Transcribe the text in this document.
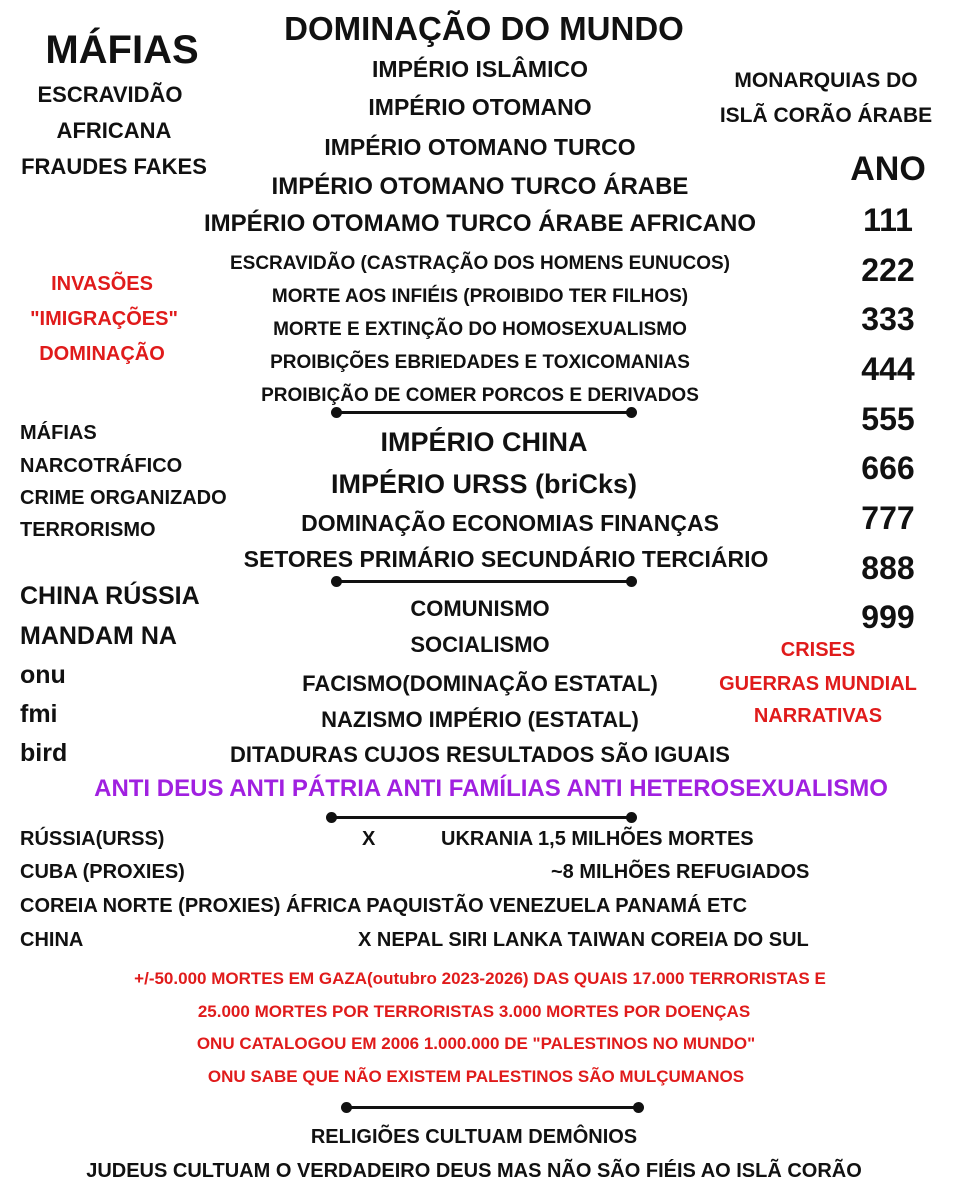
DOMINAÇÃO DO MUNDO
MÁFIAS
ESCRAVIDÃO
AFRICANA
FRAUDES FAKES
INVASÕES
"IMIGRAÇÕES"
DOMINAÇÃO
MÁFIAS
NARCOTRÁFICO
CRIME ORGANIZADO
TERRORISMO
CHINA RÚSSIA
MANDAM NA
onu
fmi
bird
MONARQUIAS DO
ISLÃ CORÃO ÁRABE
ANO
111
222
333
444
555
666
777
888
999
CRISES
GUERRAS MUNDIAL
NARRATIVAS
IMPÉRIO ISLÂMICO
IMPÉRIO OTOMANO
IMPÉRIO OTOMANO TURCO
IMPÉRIO OTOMANO TURCO ÁRABE
IMPÉRIO OTOMAMO TURCO ÁRABE AFRICANO
ESCRAVIDÃO (CASTRAÇÃO DOS HOMENS EUNUCOS)
MORTE AOS INFIÉIS (PROIBIDO TER FILHOS)
MORTE E EXTINÇÃO DO HOMOSEXUALISMO
PROIBIÇÕES EBRIEDADES E TOXICOMANIAS
PROIBIÇÃO DE COMER PORCOS E DERIVADOS
IMPÉRIO CHINA
IMPÉRIO URSS (briCks)
DOMINAÇÃO ECONOMIAS FINANÇAS
SETORES PRIMÁRIO SECUNDÁRIO TERCIÁRIO
COMUNISMO
SOCIALISMO
FACISMO(DOMINAÇÃO ESTATAL)
NAZISMO IMPÉRIO (ESTATAL)
DITADURAS CUJOS RESULTADOS SÃO IGUAIS
ANTI DEUS ANTI PÁTRIA ANTI FAMÍLIAS ANTI HETEROSEXUALISMO
RÚSSIA(URSS)	X	UKRANIA 1,5 MILHÕES MORTES
CUBA (PROXIES)	~8 MILHÕES REFUGIADOS
COREIA NORTE (PROXIES) ÁFRICA PAQUISTÃO VENEZUELA PANAMÁ ETC
CHINA	X NEPAL SIRI LANKA TAIWAN COREIA DO SUL
+/-50.000 MORTES EM GAZA(outubro 2023-2026) DAS QUAIS 17.000 TERRORISTAS E
25.000 MORTES POR TERRORISTAS 3.000 MORTES POR DOENÇAS
ONU CATALOGOU EM 2006 1.000.000 DE "PALESTINOS NO MUNDO"
ONU SABE QUE NÃO EXISTEM PALESTINOS SÃO MULÇUMANOS
RELIGIÕES CULTUAM DEMÔNIOS
JUDEUS CULTUAM O VERDADEIRO DEUS MAS NÃO SÃO FIÉIS AO ISLÃ CORÃO
